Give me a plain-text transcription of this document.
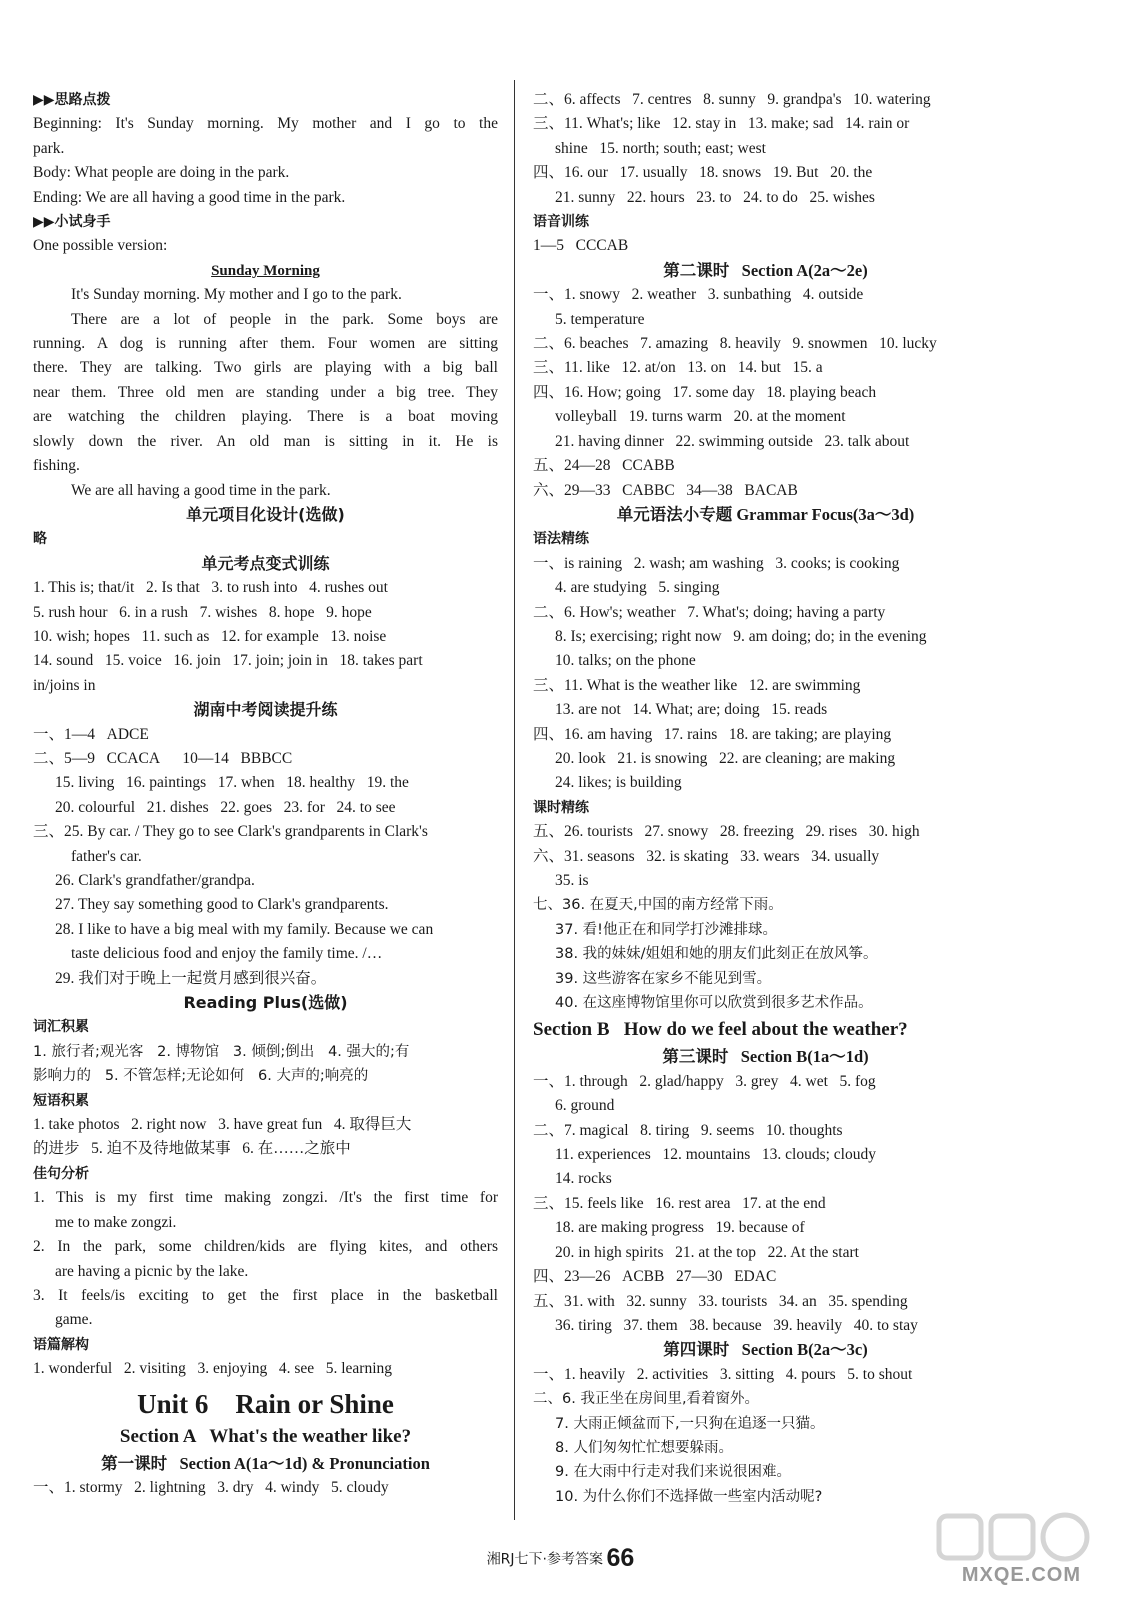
▶▶思路点拨
Beginning: It's Sunday morning. My mother and I go to the
park.
Body: What people are doing in the park.
Ending: We are all having a good time in the park.
▶▶小试身手
One possible version:
Sunday Morning
It's Sunday morning. My mother and I go to the park.
There are a lot of people in the park. Some boys are
running. A dog is running after them. Four women are sitting
there. They are talking. Two girls are playing with a big ball
near them. Three old men are standing under a big tree. They
are watching the children playing. There is a boat moving
slowly down the river. An old man is sitting in it. He is
fishing.
We are all having a good time in the park.
单元项目化设计(选做)
略
单元考点变式训练
1. This is; that/it   2. Is that   3. to rush into   4. rushes out
5. rush hour   6. in a rush   7. wishes   8. hope   9. hope
10. wish; hopes   11. such as   12. for example   13. noise
14. sound   15. voice   16. join   17. join; join in   18. takes part
in/joins in
湖南中考阅读提升练
一、1—4   ADCE
二、5—9   CCACA      10—14   BBBCC
15. living   16. paintings   17. when   18. healthy   19. the
20. colourful   21. dishes   22. goes   23. for   24. to see
三、25. By car. / They go to see Clark's grandparents in Clark's
father's car.
26. Clark's grandfather/grandpa.
27. They say something good to Clark's grandparents.
28. I like to have a big meal with my family. Because we can
taste delicious food and enjoy the family time. /…
29. 我们对于晚上一起赏月感到很兴奋。
Reading Plus(选做)
词汇积累
1. 旅行者;观光客   2. 博物馆   3. 倾倒;倒出   4. 强大的;有
影响力的   5. 不管怎样;无论如何   6. 大声的;响亮的
短语积累
1. take photos   2. right now   3. have great fun   4. 取得巨大
的进步   5. 迫不及待地做某事   6. 在……之旅中
佳句分析
1. This is my first time making zongzi. /It's the first time for
me to make zongzi.
2. In the park, some children/kids are flying kites, and others
are having a picnic by the lake.
3. It feels/is exciting to get the first place in the basketball
game.
语篇解构
1. wonderful   2. visiting   3. enjoying   4. see   5. learning
Unit 6    Rain or Shine
Section A   What's the weather like?
第一课时   Section A(1a～1d) & Pronunciation
一、1. stormy   2. lightning   3. dry   4. windy   5. cloudy
二、6. affects   7. centres   8. sunny   9. grandpa's   10. watering
三、11. What's; like   12. stay in   13. make; sad   14. rain or
shine   15. north; south; east; west
四、16. our   17. usually   18. snows   19. But   20. the
21. sunny   22. hours   23. to   24. to do   25. wishes
语音训练
1—5   CCCAB
第二课时   Section A(2a～2e)
一、1. snowy   2. weather   3. sunbathing   4. outside
5. temperature
二、6. beaches   7. amazing   8. heavily   9. snowmen   10. lucky
三、11. like   12. at/on   13. on   14. but   15. a
四、16. How; going   17. some day   18. playing beach
volleyball   19. turns warm   20. at the moment
21. having dinner   22. swimming outside   23. talk about
五、24—28   CCABB
六、29—33   CABBC   34—38   BACAB
单元语法小专题 Grammar Focus(3a～3d)
语法精练
一、is raining   2. wash; am washing   3. cooks; is cooking
4. are studying   5. singing
二、6. How's; weather   7. What's; doing; having a party
8. Is; exercising; right now   9. am doing; do; in the evening
10. talks; on the phone
三、11. What is the weather like   12. are swimming
13. are not   14. What; are; doing   15. reads
四、16. am having   17. rains   18. are taking; are playing
20. look   21. is snowing   22. are cleaning; are making
24. likes; is building
课时精练
五、26. tourists   27. snowy   28. freezing   29. rises   30. high
六、31. seasons   32. is skating   33. wears   34. usually
35. is
七、36. 在夏天,中国的南方经常下雨。
37. 看!他正在和同学打沙滩排球。
38. 我的妹妹/姐姐和她的朋友们此刻正在放风筝。
39. 这些游客在家乡不能见到雪。
40. 在这座博物馆里你可以欣赏到很多艺术作品。
Section B   How do we feel about the weather?
第三课时   Section B(1a～1d)
一、1. through   2. glad/happy   3. grey   4. wet   5. fog
6. ground
二、7. magical   8. tiring   9. seems   10. thoughts
11. experiences   12. mountains   13. clouds; cloudy
14. rocks
三、15. feels like   16. rest area   17. at the end
18. are making progress   19. because of
20. in high spirits   21. at the top   22. At the start
四、23—26   ACBB   27—30   EDAC
五、31. with   32. sunny   33. tourists   34. an   35. spending
36. tiring   37. them   38. because   39. heavily   40. to stay
第四课时   Section B(2a～3c)
一、1. heavily   2. activities   3. sitting   4. pours   5. to shout
二、6. 我正坐在房间里,看着窗外。
7. 大雨正倾盆而下,一只狗在追逐一只猫。
8. 人们匆匆忙忙想要躲雨。
9. 在大雨中行走对我们来说很困难。
10. 为什么你们不选择做一些室内活动呢?
湘RJ七下·参考答案 66
MXQE.COM
